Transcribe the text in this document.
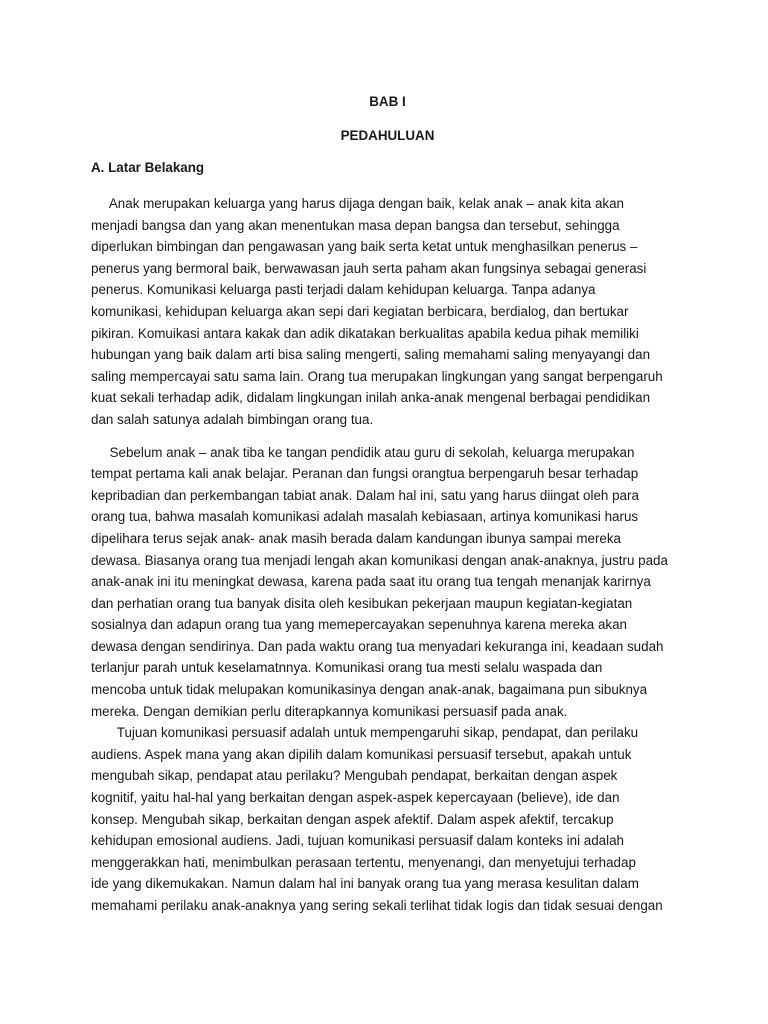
BAB I

PEDAHULUAN

A. Latar Belakang

Anak merupakan keluarga yang harus dijaga dengan baik, kelak anak – anak kita akan
menjadi bangsa dan yang akan menentukan masa depan bangsa dan tersebut, sehingga
diperlukan bimbingan dan pengawasan yang baik serta ketat untuk menghasilkan penerus –
penerus yang bermoral baik, berwawasan jauh serta paham akan fungsinya sebagai generasi
penerus. Komunikasi keluarga pasti terjadi dalam kehidupan keluarga. Tanpa adanya
komunikasi, kehidupan keluarga akan sepi dari kegiatan berbicara, berdialog, dan bertukar
pikiran. Komuikasi antara kakak dan adik dikatakan berkualitas apabila kedua pihak memiliki
hubungan yang baik dalam arti bisa saling mengerti, saling memahami saling menyayangi dan
saling mempercayai satu sama lain. Orang tua merupakan lingkungan yang sangat berpengaruh
kuat sekali terhadap adik, didalam lingkungan inilah anka-anak mengenal berbagai pendidikan
dan salah satunya adalah bimbingan orang tua.
Sebelum anak – anak tiba ke tangan pendidik atau guru di sekolah, keluarga merupakan
tempat pertama kali anak belajar. Peranan dan fungsi orangtua berpengaruh besar terhadap
kepribadian dan perkembangan tabiat anak. Dalam hal ini, satu yang harus diingat oleh para
orang tua, bahwa masalah komunikasi adalah masalah kebiasaan, artinya komunikasi harus
dipelihara terus sejak anak- anak masih berada dalam kandungan ibunya sampai mereka
dewasa. Biasanya orang tua menjadi lengah akan komunikasi dengan anak-anaknya, justru pada
anak-anak ini itu meningkat dewasa, karena pada saat itu orang tua tengah menanjak karirnya
dan perhatian orang tua banyak disita oleh kesibukan pekerjaan maupun kegiatan-kegiatan
sosialnya dan adapun orang tua yang memepercayakan sepenuhnya karena mereka akan
dewasa dengan sendirinya. Dan pada waktu orang tua menyadari kekuranga ini, keadaan sudah
terlanjur parah untuk keselamatnnya. Komunikasi orang tua mesti selalu waspada dan
mencoba untuk tidak melupakan komunikasinya dengan anak-anak, bagaimana pun sibuknya
mereka. Dengan demikian perlu diterapkannya komunikasi persuasif pada anak.
Tujuan komunikasi persuasif adalah untuk mempengaruhi sikap, pendapat, dan perilaku
audiens. Aspek mana yang akan dipilih dalam komunikasi persuasif tersebut, apakah untuk
mengubah sikap, pendapat atau perilaku? Mengubah pendapat, berkaitan dengan aspek
kognitif, yaitu hal-hal yang berkaitan dengan aspek-aspek kepercayaan (believe), ide dan
konsep. Mengubah sikap, berkaitan dengan aspek afektif. Dalam aspek afektif, tercakup
kehidupan emosional audiens. Jadi, tujuan komunikasi persuasif dalam konteks ini adalah
menggerakkan hati, menimbulkan perasaan tertentu, menyenangi, dan menyetujui terhadap
ide yang dikemukakan. Namun dalam hal ini banyak orang tua yang merasa kesulitan dalam
memahami perilaku anak-anaknya yang sering sekali terlihat tidak logis dan tidak sesuai dengan
